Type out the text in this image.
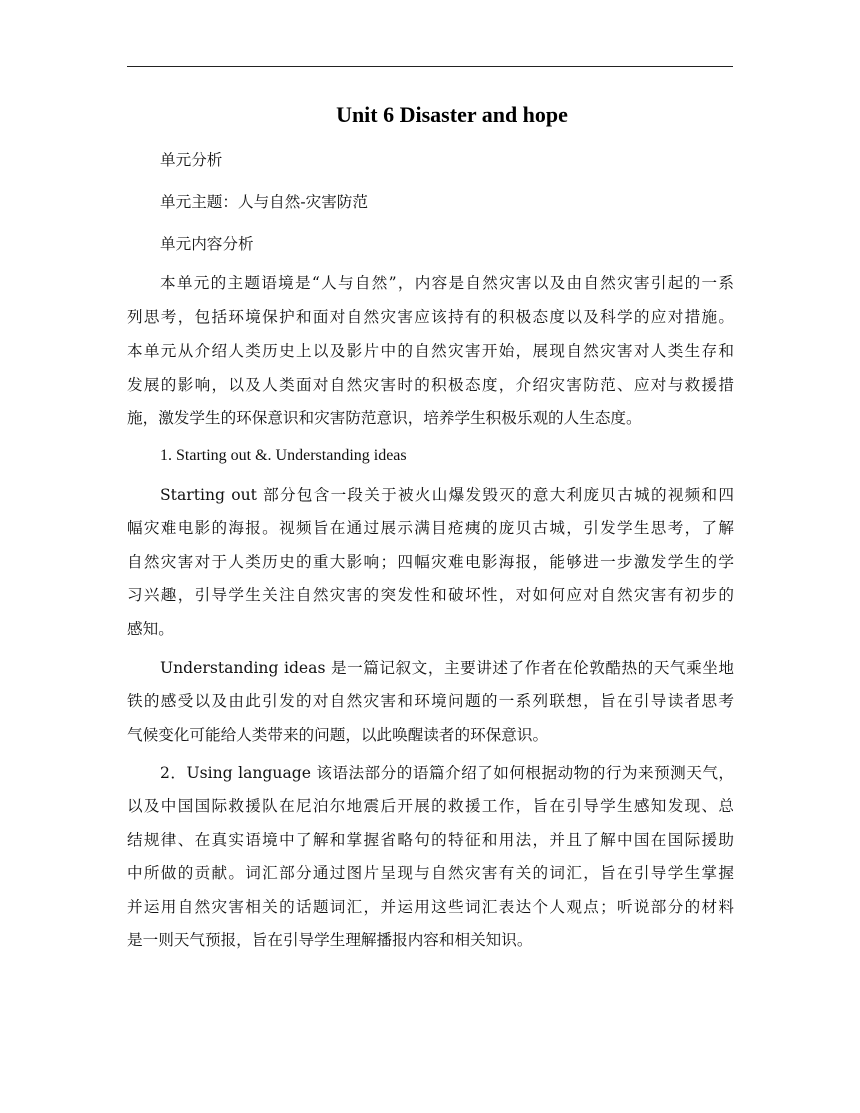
Unit 6 Disaster and hope
单元分析
单元主题：人与自然-灾害防范
单元内容分析
本单元的主题语境是“人与自然”，内容是自然灾害以及由自然灾害引起的一系
列思考，包括环境保护和面对自然灾害应该持有的积极态度以及科学的应对措施。
本单元从介绍人类历史上以及影片中的自然灾害开始，展现自然灾害对人类生存和
发展的影响，以及人类面对自然灾害时的积极态度，介绍灾害防范、应对与救援措
施，激发学生的环保意识和灾害防范意识，培养学生积极乐观的人生态度。
1. Starting out &. Understanding ideas
Starting out 部分包含一段关于被火山爆发毁灭的意大利庞贝古城的视频和四
幅灾难电影的海报。视频旨在通过展示满目疮痍的庞贝古城，引发学生思考，了解
自然灾害对于人类历史的重大影响；四幅灾难电影海报，能够进一步激发学生的学
习兴趣，引导学生关注自然灾害的突发性和破坏性，对如何应对自然灾害有初步的
感知。
Understanding ideas 是一篇记叙文，主要讲述了作者在伦敦酷热的天气乘坐地
铁的感受以及由此引发的对自然灾害和环境问题的一系列联想，旨在引导读者思考
气候变化可能给人类带来的问题，以此唤醒读者的环保意识。
2．Using language 该语法部分的语篇介绍了如何根据动物的行为来预测天气，
以及中国国际救援队在尼泊尔地震后开展的救援工作，旨在引导学生感知发现、总
结规律、在真实语境中了解和掌握省略句的特征和用法，并且了解中国在国际援助
中所做的贡献。词汇部分通过图片呈现与自然灾害有关的词汇，旨在引导学生掌握
并运用自然灾害相关的话题词汇，并运用这些词汇表达个人观点；听说部分的材料
是一则天气预报，旨在引导学生理解播报内容和相关知识。
